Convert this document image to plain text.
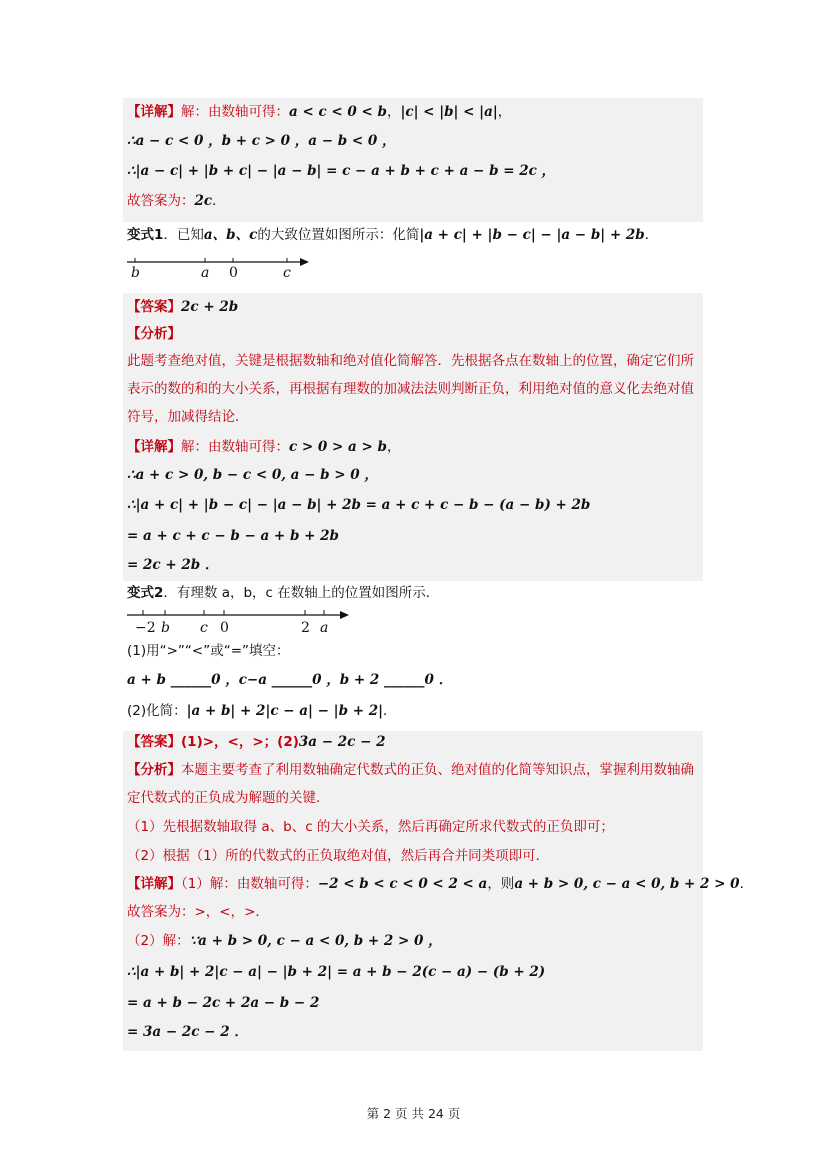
【详解】解：由数轴可得：a < c < 0 < b，|c| < |b| < |a|，
∴a − c < 0 ，b + c > 0 ，a − b < 0 ，
∴|a − c| + |b + c| − |a − b| = c − a + b + c + a − b = 2c ，
故答案为：2c．
变式1．已知a、b、c的大致位置如图所示：化简|a + c| + |b − c| − |a − b| + 2b．
b	a 0	c
【答案】2c + 2b
【分析】
此题考查绝对值，关键是根据数轴和绝对值化简解答．先根据各点在数轴上的位置，确定它们所表示的数的和的大小关系，再根据有理数的加减法法则判断正负，利用绝对值的意义化去绝对值符号，加减得结论．
【详解】解：由数轴可得：c > 0 > a > b，
∴a + c > 0, b − c < 0, a − b > 0 ，
∴|a + c| + |b − c| − |a − b| + 2b = a + c + c − b − (a − b) + 2b
= a + c + c − b − a + b + 2b
= 2c + 2b ．
变式2．有理数 a，b，c 在数轴上的位置如图所示．
−2 b c 0	2 a
(1)用“>”“<”或“=”填空：
a + b ______0 ，c−a ______0 ，b + 2 ______0 ．
(2)化简：|a + b| + 2|c − a| − |b + 2|．
【答案】(1)>，<，>；(2)3a − 2c − 2
【分析】本题主要考查了利用数轴确定代数式的正负、绝对值的化简等知识点，掌握利用数轴确定代数式的正负成为解题的关键．
（1）先根据数轴取得 a、b、c 的大小关系，然后再确定所求代数式的正负即可；
（2）根据（1）所的代数式的正负取绝对值，然后再合并同类项即可．
【详解】（1）解：由数轴可得：−2 < b < c < 0 < 2 < a，则a + b > 0, c − a < 0, b + 2 > 0．
故答案为：>，<，>．
（2）解：∵a + b > 0, c − a < 0, b + 2 > 0 ，
∴|a + b| + 2|c − a| − |b + 2| = a + b − 2(c − a) − (b + 2)
= a + b − 2c + 2a − b − 2
= 3a − 2c − 2 ．
第 2 页 共 24 页
